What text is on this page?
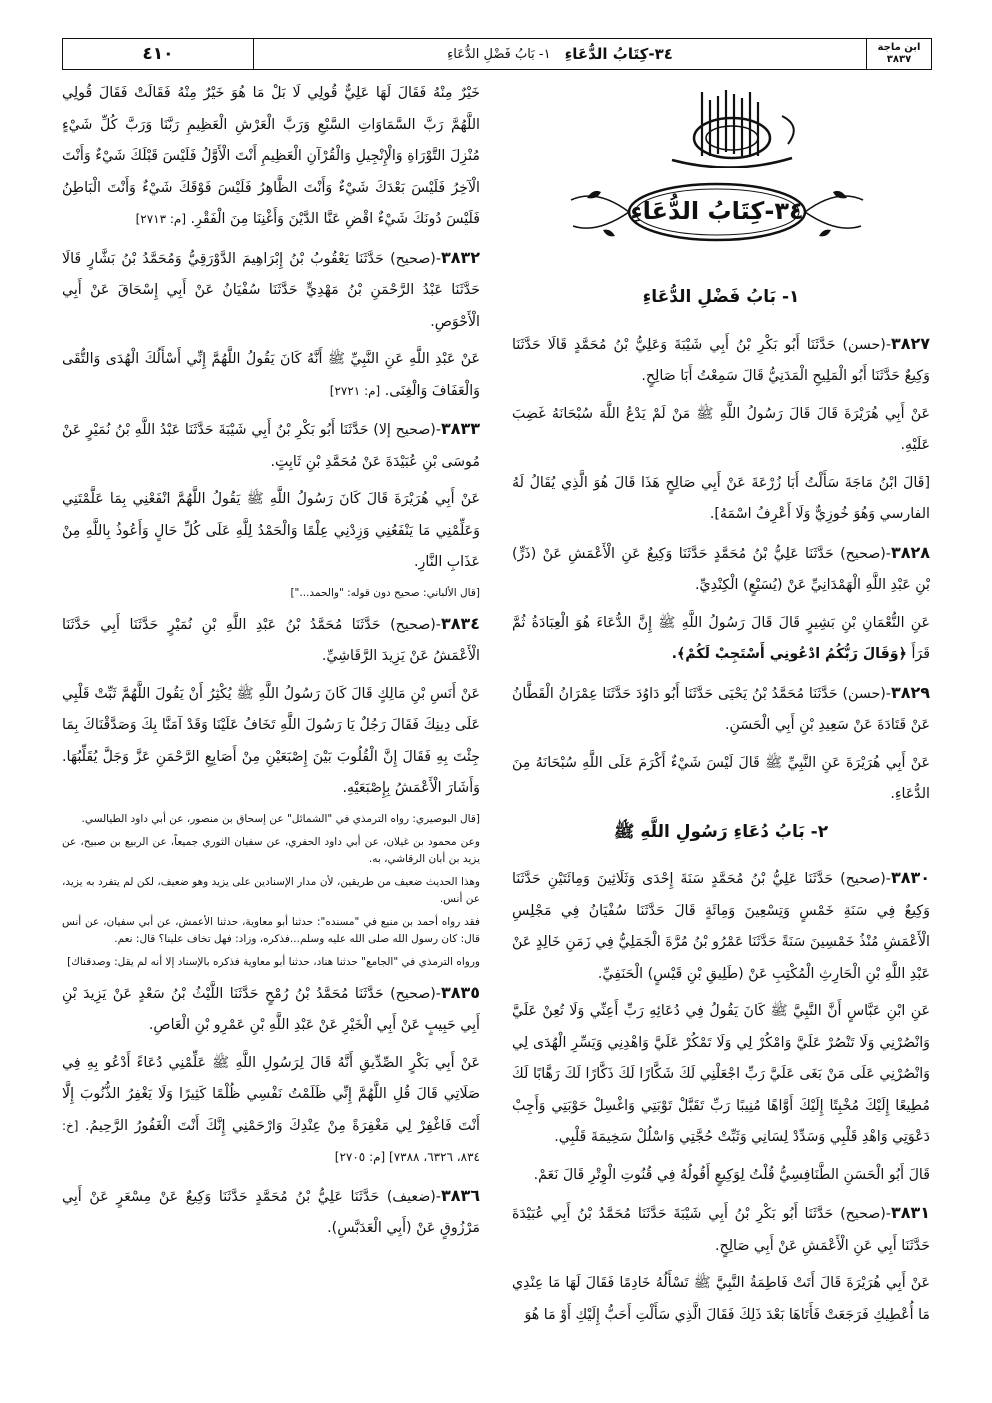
٤١٠	٣٤-كِتَابُ الدُّعَاءِ
١- بَابُ فَضْلِ الدُّعَاءِ	ابن ماجة
٣٨٣٧

خَيْرٌ مِنْهُ فَقَالَ لَهَا عَلِيٌّ قُولِي لَا بَلْ مَا هُوَ خَيْرٌ مِنْهُ فَقَالَتْ فَقَالَ قُولِي اللَّهُمَّ رَبَّ السَّمَاوَاتِ السَّبْعِ وَرَبَّ الْعَرْشِ الْعَظِيمِ رَبَّنَا وَرَبَّ كُلِّ شَيْءٍ مُنْزِلَ التَّوْرَاةِ وَالْإِنْجِيلِ وَالْقُرْآنِ الْعَظِيمِ أَنْتَ الْأَوَّلُ فَلَيْسَ قَبْلَكَ شَيْءٌ وَأَنْتَ الْآخِرُ فَلَيْسَ بَعْدَكَ شَيْءٌ وَأَنْتَ الظَّاهِرُ فَلَيْسَ فَوْقَكَ شَيْءٌ وَأَنْتَ الْبَاطِنُ فَلَيْسَ دُونَكَ شَيْءٌ اقْضِ عَنَّا الدَّيْنَ وَأَغْنِنَا مِنَ الْفَقْرِ. [م: ٢٧١٣]

٣٨٣٢-(صحيح) حَدَّثَنَا يَعْقُوبُ بْنُ إِبْرَاهِيمَ الدَّوْرَقِيُّ وَمُحَمَّدُ بْنُ بَشَّارٍ قَالَا حَدَّثَنَا عَبْدُ الرَّحْمَنِ بْنُ مَهْدِيٍّ حَدَّثَنَا سُفْيَانُ عَنْ أَبِي إِسْحَاقَ عَنْ أَبِي الْأَحْوَصِ.

عَنْ عَبْدِ اللَّهِ عَنِ النَّبِيِّ ﷺ أَنَّهُ كَانَ يَقُولُ اللَّهُمَّ إِنِّي أَسْأَلُكَ الْهُدَى وَالتُّقَى وَالْعَفَافَ وَالْغِنَى. [م: ٢٧٢١]

٣٨٣٣-(صحيح إلا) حَدَّثَنَا أَبُو بَكْرِ بْنُ أَبِي شَيْبَةَ حَدَّثَنَا عَبْدُ اللَّهِ بْنُ نُمَيْرٍ عَنْ مُوسَى بْنِ عُبَيْدَةَ عَنْ مُحَمَّدِ بْنِ ثَابِتٍ.

عَنْ أَبِي هُرَيْرَةَ قَالَ كَانَ رَسُولُ اللَّهِ ﷺ يَقُولُ اللَّهُمَّ انْفَعْنِي بِمَا عَلَّمْتَنِي وَعَلِّمْنِي مَا يَنْفَعُنِي وَزِدْنِي عِلْمًا وَالْحَمْدُ لِلَّهِ عَلَى كُلِّ حَالٍ وَأَعُوذُ بِاللَّهِ مِنْ عَذَابِ النَّارِ.

[قال الألباني: صحيح دون قوله: "والحمد..."]

٣٨٣٤-(صحيح) حَدَّثَنَا مُحَمَّدُ بْنُ عَبْدِ اللَّهِ بْنِ نُمَيْرٍ حَدَّثَنَا أَبِي حَدَّثَنَا الْأَعْمَشُ عَنْ يَزِيدَ الرَّقَاشِيِّ.

عَنْ أَنَسِ بْنِ مَالِكٍ قَالَ كَانَ رَسُولُ اللَّهِ ﷺ يُكْثِرُ أَنْ يَقُولَ اللَّهُمَّ ثَبِّتْ قَلْبِي عَلَى دِينِكَ فَقَالَ رَجُلٌ يَا رَسُولَ اللَّهِ تَخَافُ عَلَيْنَا وَقَدْ آمَنَّا بِكَ وَصَدَّقْنَاكَ بِمَا جِئْتَ بِهِ فَقَالَ إِنَّ الْقُلُوبَ بَيْنَ إِصْبَعَيْنِ مِنْ أَصَابِعِ الرَّحْمَنِ عَزَّ وَجَلَّ يُقَلِّبُهَا. وَأَشَارَ الْأَعْمَشُ بِإِصْبَعَيْهِ.

[قال البوصيري: رواه الترمذي في "الشمائل" عن إسحاق بن منصور، عن أبي داود الطيالسي.

وعن محمود بن غيلان، عن أبي داود الحفري، عن سفيان الثوري جميعاً، عن الربيع بن صبيح، عن يزيد بن أبان الرقاشي، به.

وهذا الحديث ضعيف من طريقين، لأن مدار الإسنادين على يزيد وهو ضعيف، لكن لم يتفرد به يزيد، عن أنس.

فقد رواه أحمد بن منيع في "مسنده": حدثنا أبو معاوية، حدثنا الأعمش، عن أبي سفيان، عن أنس قال: كان رسول الله صلى الله عليه وسلم...فذكره، وزاد: فهل تخاف علينا؟ قال: نعم.

ورواه الترمذي في "الجامع" حدثنا هناد، حدثنا أبو معاوية فذكره بالإسناد إلا أنه لم يقل: وصدقناك]

٣٨٣٥-(صحيح) حَدَّثَنَا مُحَمَّدُ بْنُ رُمْحٍ حَدَّثَنَا اللَّيْثُ بْنُ سَعْدٍ عَنْ يَزِيدَ بْنِ أَبِي حَبِيبٍ عَنْ أَبِي الْخَيْرِ عَنْ عَبْدِ اللَّهِ بْنِ عَمْرِو بْنِ الْعَاصِ.

عَنْ أَبِي بَكْرٍ الصِّدِّيقِ أَنَّهُ قَالَ لِرَسُولِ اللَّهِ ﷺ عَلِّمْنِي دُعَاءً أَدْعُو بِهِ فِي صَلَاتِي قَالَ قُلِ اللَّهُمَّ إِنِّي ظَلَمْتُ نَفْسِي ظُلْمًا كَثِيرًا وَلَا يَغْفِرُ الذُّنُوبَ إِلَّا أَنْتَ فَاغْفِرْ لِي مَغْفِرَةً مِنْ عِنْدِكَ وَارْحَمْنِي إِنَّكَ أَنْتَ الْغَفُورُ الرَّحِيمُ. [خ: ٨٣٤، ٦٣٢٦، ٧٣٨٨] [م: ٢٧٠٥]

٣٨٣٦-(ضعيف) حَدَّثَنَا عَلِيُّ بْنُ مُحَمَّدٍ حَدَّثَنَا وَكِيعٌ عَنْ مِسْعَرٍ عَنْ أَبِي مَرْزُوقٍ عَنْ (أَبِي الْعَدَبَّسِ).

٣٤-كِتَابُ الدُّعَاءِ

١- بَابُ فَضْلِ الدُّعَاءِ

٣٨٢٧-(حسن) حَدَّثَنَا أَبُو بَكْرِ بْنُ أَبِي شَيْبَةَ وَعَلِيُّ بْنُ مُحَمَّدٍ قَالَا حَدَّثَنَا وَكِيعٌ حَدَّثَنَا أَبُو الْمَلِيحِ الْمَدَنِيُّ قَالَ سَمِعْتُ أَبَا صَالِحٍ.

عَنْ أَبِي هُرَيْرَةَ قَالَ قَالَ رَسُولُ اللَّهِ ﷺ مَنْ لَمْ يَدْعُ اللَّهَ سُبْحَانَهُ غَضِبَ عَلَيْهِ.

[قَالَ ابْنُ مَاجَةَ سَأَلْتُ أَبَا زُرْعَةَ عَنْ أَبِي صَالِحٍ هَذَا قَالَ هُوَ الَّذِي يُقَالُ لَهُ الفارسي وَهُوَ خُوزِيٌّ وَلَا أَعْرِفُ اسْمَهُ].

٣٨٢٨-(صحيح) حَدَّثَنَا عَلِيُّ بْنُ مُحَمَّدٍ حَدَّثَنَا وَكِيعٌ عَنِ الْأَعْمَشِ عَنْ (ذَرٍّ) بْنِ عَبْدِ اللَّهِ الْهَمْدَانِيِّ عَنْ (يُسَيْعٍ) الْكِنْدِيِّ.

عَنِ النُّعْمَانِ بْنِ بَشِيرٍ قَالَ قَالَ رَسُولُ اللَّهِ ﷺ إِنَّ الدُّعَاءَ هُوَ الْعِبَادَةُ ثُمَّ قَرَأَ ﴿وَقَالَ رَبُّكُمُ ادْعُونِي أَسْتَجِبْ لَكُمْ﴾.

٣٨٢٩-(حسن) حَدَّثَنَا مُحَمَّدُ بْنُ يَحْيَى حَدَّثَنَا أَبُو دَاوُدَ حَدَّثَنَا عِمْرَانُ الْقَطَّانُ عَنْ قَتَادَةَ عَنْ سَعِيدِ بْنِ أَبِي الْحَسَنِ.

عَنْ أَبِي هُرَيْرَةَ عَنِ النَّبِيِّ ﷺ قَالَ لَيْسَ شَيْءٌ أَكْرَمَ عَلَى اللَّهِ سُبْحَانَهُ مِنَ الدُّعَاءِ.

٢- بَابُ دُعَاءِ رَسُولِ اللَّهِ ﷺ

٣٨٣٠-(صحيح) حَدَّثَنَا عَلِيُّ بْنُ مُحَمَّدٍ سَنَةَ إِحْدَى وَثَلَاثِينَ وَمِائَتَيْنِ حَدَّثَنَا وَكِيعٌ فِي سَنَةِ خَمْسٍ وَتِسْعِينَ وَمِائَةٍ قَالَ حَدَّثَنَا سُفْيَانُ فِي مَجْلِسِ الْأَعْمَشِ مُنْذُ خَمْسِينَ سَنَةً حَدَّثَنَا عَمْرُو بْنُ مُرَّةَ الْجَمَلِيُّ فِي زَمَنِ خَالِدٍ عَنْ عَبْدِ اللَّهِ بْنِ الْحَارِثِ الْمُكْتِبِ عَنْ (طَلِيقِ بْنِ قَيْسٍ) الْحَنَفِيِّ.

عَنِ ابْنِ عَبَّاسٍ أَنَّ النَّبِيَّ ﷺ كَانَ يَقُولُ فِي دُعَائِهِ رَبِّ أَعِنِّي وَلَا تُعِنْ عَلَيَّ وَانْصُرْنِي وَلَا تَنْصُرْ عَلَيَّ وَامْكُرْ لِي وَلَا تَمْكُرْ عَلَيَّ وَاهْدِنِي وَيَسِّرِ الْهُدَى لِي وَانْصُرْنِي عَلَى مَنْ بَغَى عَلَيَّ رَبِّ اجْعَلْنِي لَكَ شَكَّارًا لَكَ ذَكَّارًا لَكَ رَهَّابًا لَكَ مُطِيعًا إِلَيْكَ مُخْبِتًا إِلَيْكَ أَوَّاهًا مُنِيبًا رَبِّ تَقَبَّلْ تَوْبَتِي وَاغْسِلْ حَوْبَتِي وَأَجِبْ دَعْوَتِي وَاهْدِ قَلْبِي وَسَدِّدْ لِسَانِي وَثَبِّتْ حُجَّتِي وَاسْلُلْ سَخِيمَةَ قَلْبِي.

قَالَ أَبُو الْحَسَنِ الطَّنَافِسِيُّ قُلْتُ لِوَكِيعٍ أَقُولُهُ فِي قُنُوتِ الْوِتْرِ قَالَ نَعَمْ.

٣٨٣١-(صحيح) حَدَّثَنَا أَبُو بَكْرِ بْنُ أَبِي شَيْبَةَ حَدَّثَنَا مُحَمَّدُ بْنُ أَبِي عُبَيْدَةَ حَدَّثَنَا أَبِي عَنِ الْأَعْمَشِ عَنْ أَبِي صَالِحٍ.

عَنْ أَبِي هُرَيْرَةَ قَالَ أَتَتْ فَاطِمَةُ النَّبِيَّ ﷺ تَسْأَلُهُ خَادِمًا فَقَالَ لَهَا مَا عِنْدِي مَا أُعْطِيكِ فَرَجَعَتْ فَأَتَاهَا بَعْدَ ذَلِكَ فَقَالَ الَّذِي سَأَلْتِ أَحَبُّ إِلَيْكِ أَوْ مَا هُوَ
